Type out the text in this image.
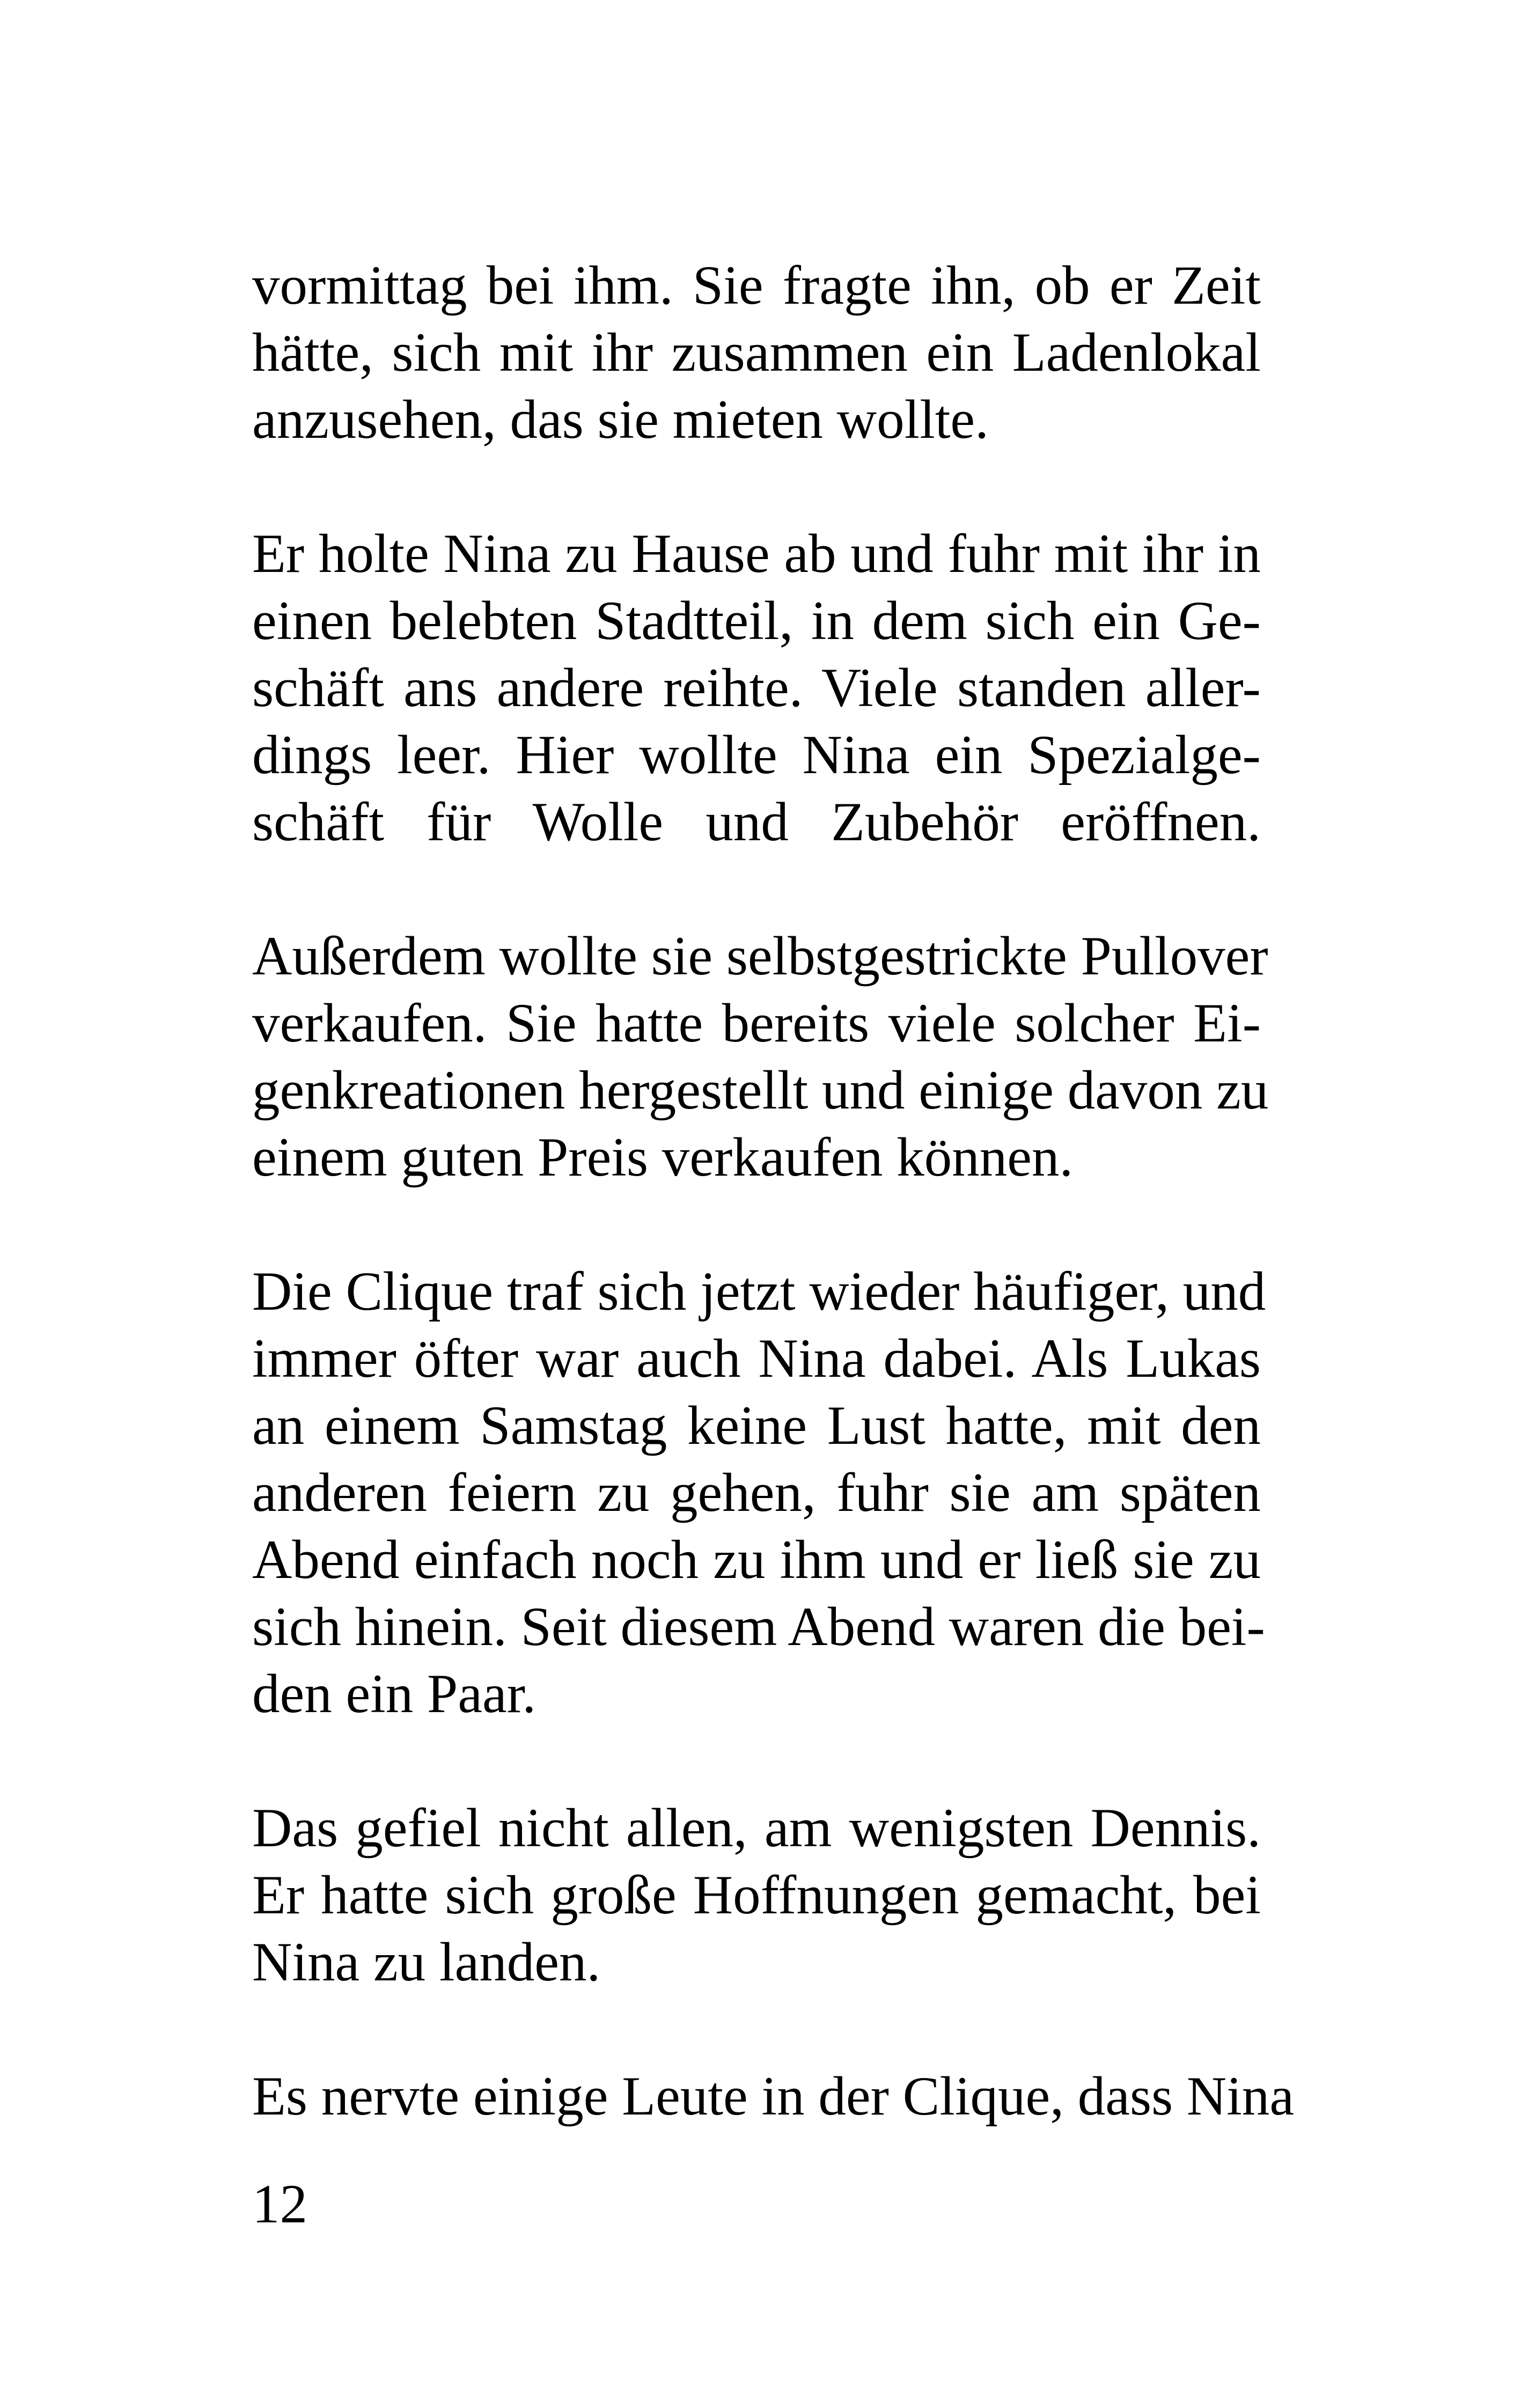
vormittag bei ihm. Sie fragte ihn, ob er Zeit
hätte, sich mit ihr zusammen ein Ladenlokal
anzusehen, das sie mieten wollte.

Er holte Nina zu Hause ab und fuhr mit ihr in
einen belebten Stadtteil, in dem sich ein Ge-
schäft ans andere reihte. Viele standen aller-
dings leer. Hier wollte Nina ein Spezialge-
schäft für Wolle und Zubehör eröffnen.

Außerdem wollte sie selbstgestrickte Pullover
verkaufen. Sie hatte bereits viele solcher Ei-
genkreationen hergestellt und einige davon zu
einem guten Preis verkaufen können.

Die Clique traf sich jetzt wieder häufiger, und
immer öfter war auch Nina dabei. Als Lukas
an einem Samstag keine Lust hatte, mit den
anderen feiern zu gehen, fuhr sie am späten
Abend einfach noch zu ihm und er ließ sie zu
sich hinein. Seit diesem Abend waren die bei-
den ein Paar.

Das gefiel nicht allen, am wenigsten Dennis.
Er hatte sich große Hoffnungen gemacht, bei
Nina zu landen.

Es nervte einige Leute in der Clique, dass Nina

12
